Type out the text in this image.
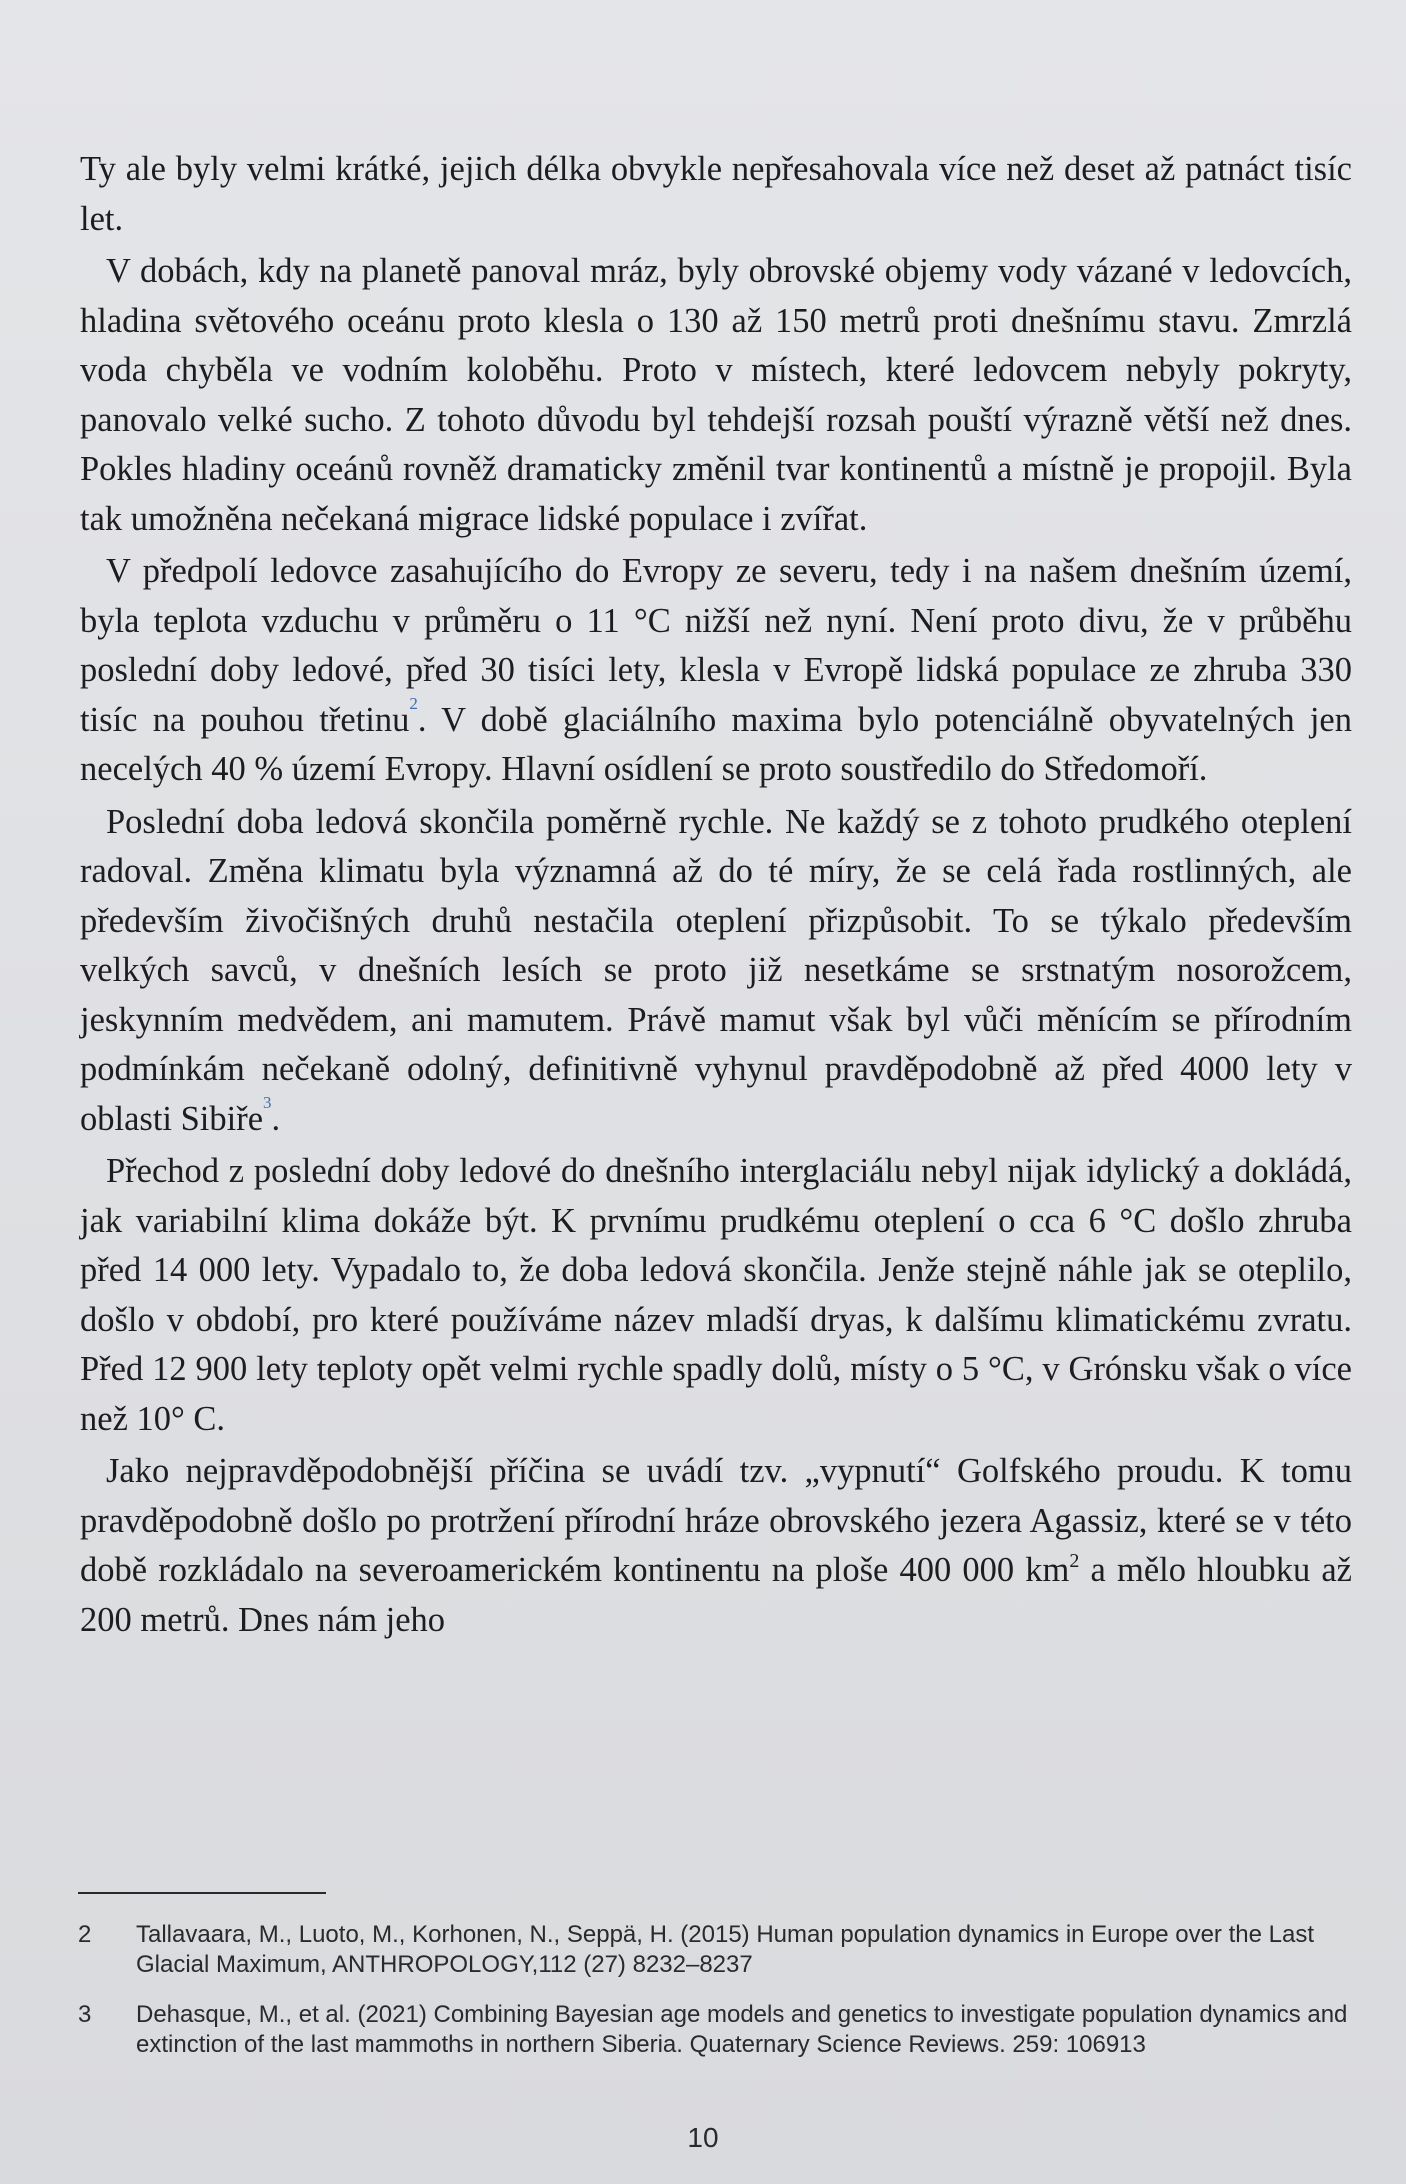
Ty ale byly velmi krátké, jejich délka obvykle nepřesahovala více než deset až patnáct tisíc let.

V dobách, kdy na planetě panoval mráz, byly obrovské objemy vody vázané v ledovcích, hladina světového oceánu proto klesla o 130 až 150 metrů proti dnešnímu stavu. Zmrzlá voda chyběla ve vodním koloběhu. Proto v místech, které ledovcem nebyly pokryty, panovalo velké sucho. Z tohoto důvodu byl tehdejší rozsah pouští výrazně větší než dnes. Pokles hladiny oceánů rovněž dramaticky změnil tvar kontinentů a místně je propojil. Byla tak umožněna nečekaná migrace lidské populace i zvířat.

V předpolí ledovce zasahujícího do Evropy ze severu, tedy i na našem dnešním území, byla teplota vzduchu v průměru o 11 °C nižší než nyní. Není proto divu, že v průběhu poslední doby ledové, před 30 tisíci lety, klesla v Evropě lidská populace ze zhruba 330 tisíc na pouhou třetinu$^2$. V době glaciálního maxima bylo potenciálně obyvatelných jen necelých 40 % území Evropy. Hlavní osídlení se proto soustředilo do Středomoří.

Poslední doba ledová skončila poměrně rychle. Ne každý se z tohoto prudkého oteplení radoval. Změna klimatu byla významná až do té míry, že se celá řada rostlinných, ale především živočišných druhů nestačila oteplení přizpůsobit. To se týkalo především velkých savců, v dnešních lesích se proto již nesetkáme se srstnatým nosorožcem, jeskynním medvědem, ani mamutem. Právě mamut však byl vůči měnícím se přírodním podmínkám nečekaně odolný, definitivně vyhynul pravděpodobně až před 4000 lety v oblasti Sibiře$^3$.

Přechod z poslední doby ledové do dnešního interglaciálu nebyl nijak idylický a dokládá, jak variabilní klima dokáže být. K prvnímu prudkému oteplení o cca 6 °C došlo zhruba před 14 000 lety. Vypadalo to, že doba ledová skončila. Jenže stejně náhle jak se oteplilo, došlo v období, pro které používáme název mladší dryas, k dalšímu klimatickému zvratu. Před 12 900 lety teploty opět velmi rychle spadly dolů, místy o 5 °C, v Grónsku však o více než 10° C.

Jako nejpravděpodobnější příčina se uvádí tzv. „vypnutí“ Golfského proudu. K tomu pravděpodobně došlo po protržení přírodní hráze obrovského jezera Agassiz, které se v této době rozkládalo na severoamerickém kontinentu na ploše 400 000 $km^2$ a mělo hloubku až 200 metrů. Dnes nám jeho

2	Tallavaara, M., Luoto, M., Korhonen, N., Seppä, H. (2015) Human population dynamics in Europe over the Last Glacial Maximum, ANTHROPOLOGY,112 (27) 8232–8237
3	Dehasque, M., et al. (2021) Combining Bayesian age models and genetics to investigate population dynamics and extinction of the last mammoths in northern Siberia. Quaternary Science Reviews. 259: 106913
10
